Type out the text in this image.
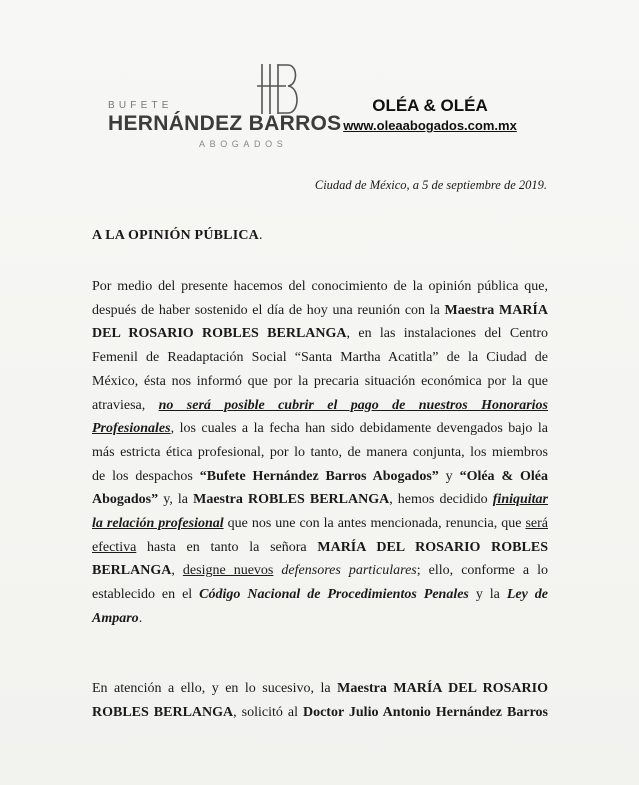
BUFETE
HERNÁNDEZ BARROS
ABOGADOS
OLÉA & OLÉA
www.oleaabogados.com.mx
Ciudad de México, a 5 de septiembre de 2019.
A LA OPINIÓN PÚBLICA.
Por medio del presente hacemos del conocimiento de la opinión pública que,
después de haber sostenido el día de hoy una reunión con la Maestra MARÍA
DEL ROSARIO ROBLES BERLANGA, en las instalaciones del Centro
Femenil de Readaptación Social “Santa Martha Acatitla” de la Ciudad de
México, ésta nos informó que por la precaria situación económica por la que
atraviesa, no será posible cubrir el pago de nuestros Honorarios
Profesionales, los cuales a la fecha han sido debidamente devengados bajo la
más estricta ética profesional, por lo tanto, de manera conjunta, los miembros
de los despachos “Bufete Hernández Barros Abogados” y “Oléa & Oléa
Abogados” y, la Maestra ROBLES BERLANGA, hemos decidido finiquitar
la relación profesional que nos une con la antes mencionada, renuncia, que será
efectiva hasta en tanto la señora MARÍA DEL ROSARIO ROBLES
BERLANGA, designe nuevos defensores particulares; ello, conforme a lo
establecido en el Código Nacional de Procedimientos Penales y la Ley de
Amparo.
En atención a ello, y en lo sucesivo, la Maestra MARÍA DEL ROSARIO
ROBLES BERLANGA, solicitó al Doctor Julio Antonio Hernández Barros
